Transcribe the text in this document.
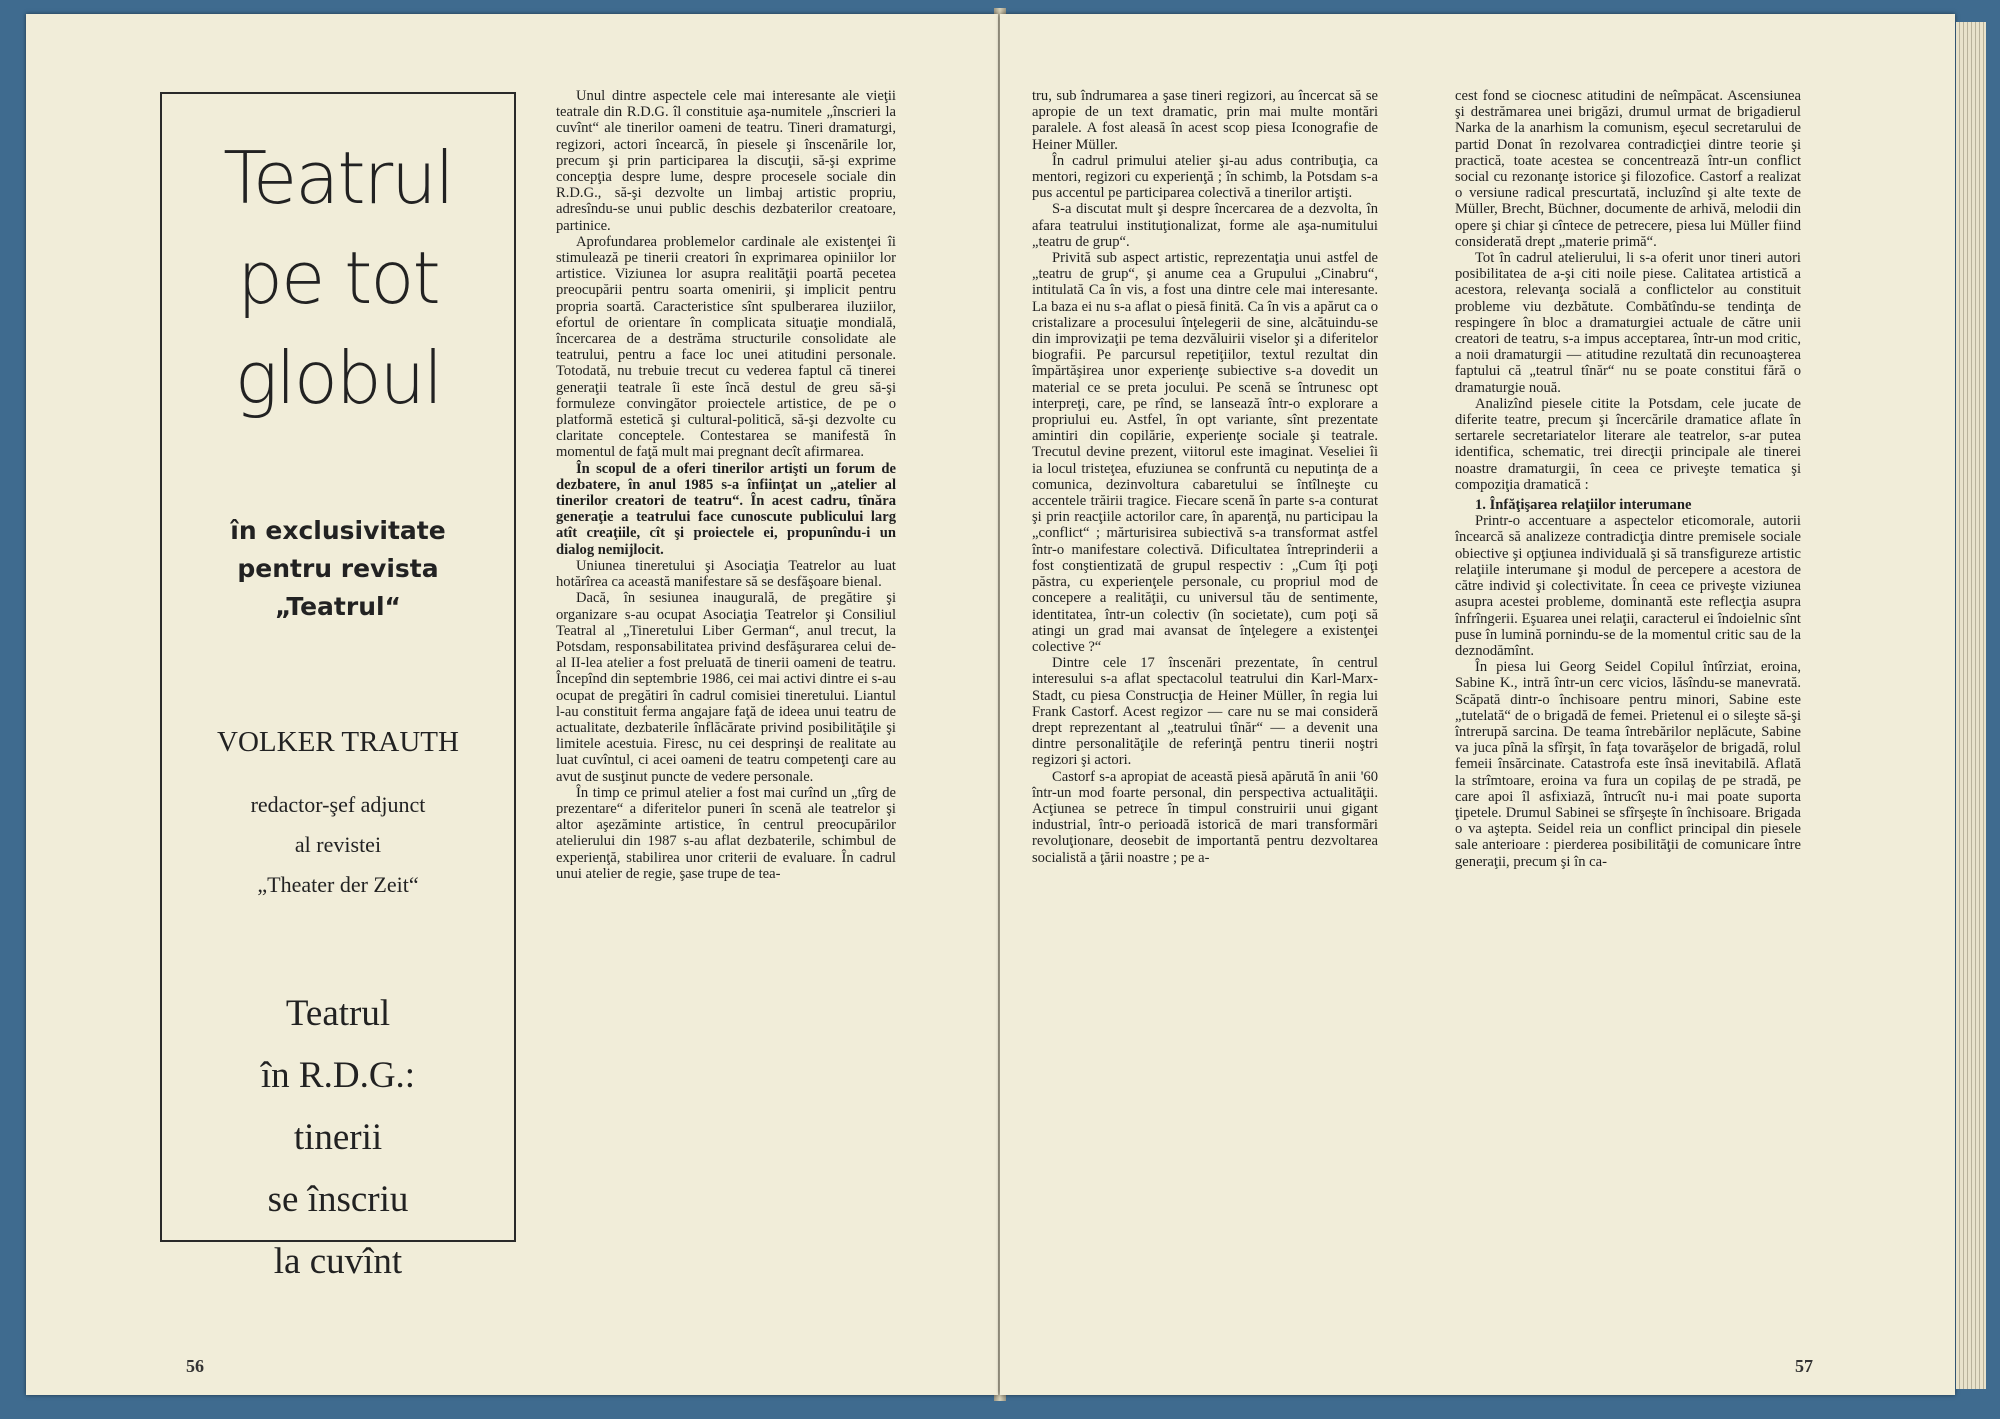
Teatrul
pe tot
globul
în exclusivitate
pentru revista
„Teatrul“
VOLKER TRAUTH
redactor-şef adjunct
al revistei
„Theater der Zeit“
Teatrul
în R.D.G.:
tinerii
se înscriu
la cuvînt

Unul dintre aspectele cele mai interesante ale vieţii teatrale din R.D.G. îl constituie aşa-numitele „înscrieri la cuvînt“ ale tinerilor oameni de teatru. Tineri dramaturgi, regizori, actori încearcă, în piesele şi înscenările lor, precum şi prin participarea la discuţii, să-şi exprime concepţia despre lume, despre procesele sociale din R.D.G., să-şi dezvolte un limbaj artistic propriu, adresîndu-se unui public deschis dezbaterilor creatoare, partinice.

Aprofundarea problemelor cardinale ale existenţei îi stimulează pe tinerii creatori în exprimarea opiniilor lor artistice. Viziunea lor asupra realităţii poartă pecetea preocupării pentru soarta omenirii, şi implicit pentru propria soartă. Caracteristice sînt spulberarea iluziilor, efortul de orientare în complicata situaţie mondială, încercarea de a destrăma structurile consolidate ale teatrului, pentru a face loc unei atitudini personale. Totodată, nu trebuie trecut cu vederea faptul că tinerei generaţii teatrale îi este încă destul de greu să-şi formuleze convingător proiectele artistice, de pe o platformă estetică şi cultural-politică, să-şi dezvolte cu claritate conceptele. Contestarea se manifestă în momentul de faţă mult mai pregnant decît afirmarea.

În scopul de a oferi tinerilor artişti un forum de dezbatere, în anul 1985 s-a înfiinţat un „atelier al tinerilor creatori de teatru“. În acest cadru, tînăra generaţie a teatrului face cunoscute publicului larg atît creaţiile, cît şi proiectele ei, propunîndu-i un dialog nemijlocit.

Uniunea tineretului şi Asociaţia Teatrelor au luat hotărîrea ca această manifestare să se desfăşoare bienal.

Dacă, în sesiunea inaugurală, de pregătire şi organizare s-au ocupat Asociaţia Teatrelor şi Consiliul Teatral al „Tineretului Liber German“, anul trecut, la Potsdam, responsabilitatea privind desfăşurarea celui de-al II-lea atelier a fost preluată de tinerii oameni de teatru. Începînd din septembrie 1986, cei mai activi dintre ei s-au ocupat de pregătiri în cadrul comisiei tineretului. Liantul l-au constituit ferma angajare faţă de ideea unui teatru de actualitate, dezbaterile înflăcărate privind posibilităţile şi limitele acestuia. Firesc, nu cei desprinşi de realitate au luat cuvîntul, ci acei oameni de teatru competenţi care au avut de susţinut puncte de vedere personale.

În timp ce primul atelier a fost mai curînd un „tîrg de prezentare“ a diferitelor puneri în scenă ale teatrelor şi altor aşezăminte artistice, în centrul preocupărilor atelierului din 1987 s-au aflat dezbaterile, schimbul de experienţă, stabilirea unor criterii de evaluare. În cadrul unui atelier de regie, şase trupe de tea-

tru, sub îndrumarea a şase tineri regizori, au încercat să se apropie de un text dramatic, prin mai multe montări paralele. A fost aleasă în acest scop piesa Iconografie de Heiner Müller.

În cadrul primului atelier şi-au adus contribuţia, ca mentori, regizori cu experienţă ; în schimb, la Potsdam s-a pus accentul pe participarea colectivă a tinerilor artişti.

S-a discutat mult şi despre încercarea de a dezvolta, în afara teatrului instituţionalizat, forme ale aşa-numitului „teatru de grup“.

Privită sub aspect artistic, reprezentaţia unui astfel de „teatru de grup“, şi anume cea a Grupului „Cinabru“, intitulată Ca în vis, a fost una dintre cele mai interesante. La baza ei nu s-a aflat o piesă finită. Ca în vis a apărut ca o cristalizare a procesului înţelegerii de sine, alcătuindu-se din improvizaţii pe tema dezvăluirii viselor şi a diferitelor biografii. Pe parcursul repetiţiilor, textul rezultat din împărtăşirea unor experienţe subiective s-a dovedit un material ce se preta jocului. Pe scenă se întrunesc opt interpreţi, care, pe rînd, se lansează într-o explorare a propriului eu. Astfel, în opt variante, sînt prezentate amintiri din copilărie, experienţe sociale şi teatrale. Trecutul devine prezent, viitorul este imaginat. Veseliei îi ia locul tristeţea, efuziunea se confruntă cu neputinţa de a comunica, dezinvoltura cabaretului se întîlneşte cu accentele trăirii tragice. Fiecare scenă în parte s-a conturat şi prin reacţiile actorilor care, în aparenţă, nu participau la „conflict“ ; mărturisirea subiectivă s-a transformat astfel într-o manifestare colectivă. Dificultatea întreprinderii a fost conştientizată de grupul respectiv : „Cum îţi poţi păstra, cu experienţele personale, cu propriul mod de concepere a realităţii, cu universul tău de sentimente, identitatea, într-un colectiv (în societate), cum poţi să atingi un grad mai avansat de înţelegere a existenţei colective ?“

Dintre cele 17 înscenări prezentate, în centrul interesului s-a aflat spectacolul teatrului din Karl-Marx-Stadt, cu piesa Construcţia de Heiner Müller, în regia lui Frank Castorf. Acest regizor — care nu se mai consideră drept reprezentant al „teatrului tînăr“ — a devenit una dintre personalităţile de referinţă pentru tinerii noştri regizori şi actori.

Castorf s-a apropiat de această piesă apărută în anii '60 într-un mod foarte personal, din perspectiva actualităţii. Acţiunea se petrece în timpul construirii unui gigant industrial, într-o perioadă istorică de mari transformări revoluţionare, deosebit de importantă pentru dezvoltarea socialistă a ţării noastre ; pe a-

cest fond se ciocnesc atitudini de neîmpăcat. Ascensiunea şi destrămarea unei brigăzi, drumul urmat de brigadierul Narka de la anarhism la comunism, eşecul secretarului de partid Donat în rezolvarea contradicţiei dintre teorie şi practică, toate acestea se concentrează într-un conflict social cu rezonanţe istorice şi filozofice. Castorf a realizat o versiune radical prescurtată, incluzînd şi alte texte de Müller, Brecht, Büchner, documente de arhivă, melodii din opere şi chiar şi cîntece de petrecere, piesa lui Müller fiind considerată drept „materie primă“.

Tot în cadrul atelierului, li s-a oferit unor tineri autori posibilitatea de a-şi citi noile piese. Calitatea artistică a acestora, relevanţa socială a conflictelor au constituit probleme viu dezbătute. Combătîndu-se tendinţa de respingere în bloc a dramaturgiei actuale de către unii creatori de teatru, s-a impus acceptarea, într-un mod critic, a noii dramaturgii — atitudine rezultată din recunoaşterea faptului că „teatrul tînăr“ nu se poate constitui fără o dramaturgie nouă.

Analizînd piesele citite la Potsdam, cele jucate de diferite teatre, precum şi încercările dramatice aflate în sertarele secretariatelor literare ale teatrelor, s-ar putea identifica, schematic, trei direcţii principale ale tinerei noastre dramaturgii, în ceea ce priveşte tematica şi compoziţia dramatică :

1. Înfăţişarea relaţiilor interumane

Printr-o accentuare a aspectelor eticomorale, autorii încearcă să analizeze contradicţia dintre premisele sociale obiective şi opţiunea individuală şi să transfigureze artistic relaţiile interumane şi modul de percepere a acestora de către individ şi colectivitate. În ceea ce priveşte viziunea asupra acestei probleme, dominantă este reflecţia asupra înfrîngerii. Eşuarea unei relaţii, caracterul ei îndoielnic sînt puse în lumină pornindu-se de la momentul critic sau de la deznodămînt.

În piesa lui Georg Seidel Copilul întîrziat, eroina, Sabine K., intră într-un cerc vicios, lăsîndu-se manevrată. Scăpată dintr-o închisoare pentru minori, Sabine este „tutelată“ de o brigadă de femei. Prietenul ei o sileşte să-şi întrerupă sarcina. De teama întrebărilor neplăcute, Sabine va juca pînă la sfîrşit, în faţa tovarăşelor de brigadă, rolul femeii însărcinate. Catastrofa este însă inevitabilă. Aflată la strîmtoare, eroina va fura un copilaş de pe stradă, pe care apoi îl asfixiază, întrucît nu-i mai poate suporta ţipetele. Drumul Sabinei se sfîrşeşte în închisoare. Brigada o va aştepta. Seidel reia un conflict principal din piesele sale anterioare : pierderea posibilităţii de comunicare între generaţii, precum şi în ca-

56	57
